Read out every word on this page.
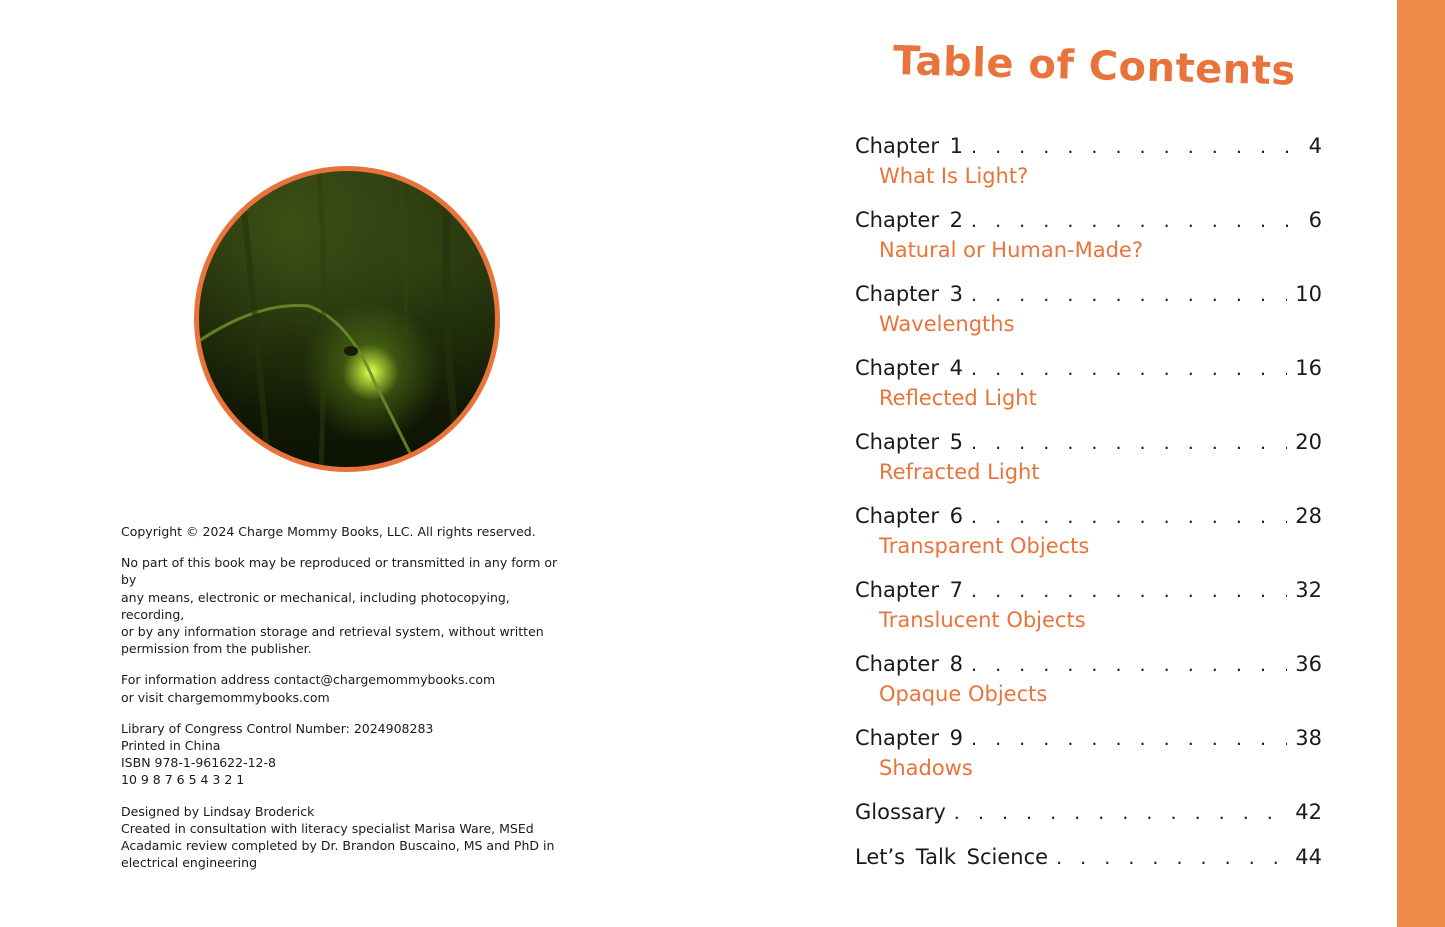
Copyright © 2024 Charge Mommy Books, LLC. All rights reserved.

No part of this book may be reproduced or transmitted in any form or by
any means, electronic or mechanical, including photocopying, recording,
or by any information storage and retrieval system, without written
permission from the publisher.

For information address contact@chargemommybooks.com
or visit chargemommybooks.com

Library of Congress Control Number: 2024908283
Printed in China
ISBN 978-1-961622-12-8
10 9 8 7 6 5 4 3 2 1

Designed by Lindsay Broderick
Created in consultation with literacy specialist Marisa Ware, MSEd
Acadamic review completed by Dr. Brandon Buscaino, MS and PhD in
electrical engineering

Table of Contents
Chapter 1 . . .	4
What Is Light?
Chapter 2 . . .	6
Natural or Human-Made?
Chapter 3 . . .	10
Wavelengths
Chapter 4 . . .	16
Reflected Light
Chapter 5 . . .	20
Refracted Light
Chapter 6 . . .	28
Transparent Objects
Chapter 7 . . .	32
Translucent Objects
Chapter 8 . . .	36
Opaque Objects
Chapter 9 . . .	38
Shadows
Glossary . . .	42
Let’s Talk Science . . .	44
